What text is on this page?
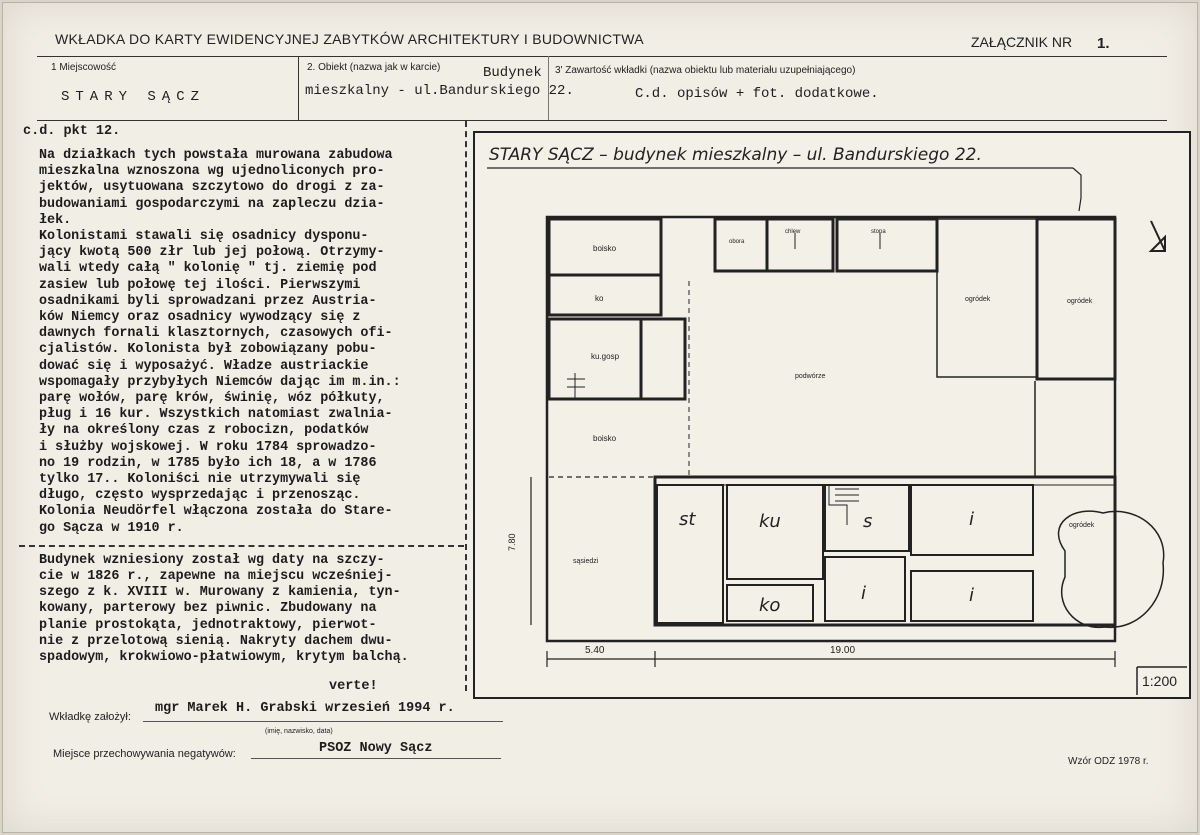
WKŁADKA DO KARTY EWIDENCYJNEJ ZABYTKÓW ARCHITEKTURY I BUDOWNICTWA	ZAŁĄCZNIK NR 1.
1 Miejscowość
STARY SĄCZ
2. Obiekt (nazwa jak w karcie)	Budynek
mieszkalny - ul.Bandurskiego 22.
3' Zawartość wkładki (nazwa obiektu lub materiału uzupełniającego)
C.d. opisów + fot. dodatkowe.
c.d. pkt 12.
Na działkach tych powstała murowana zabudowa
mieszkalna wznoszona wg ujednoliconych pro-
jektów, usytuowana szczytowo do drogi z za-
budowaniami gospodarczymi na zapleczu dzia-
łek.
Kolonistami stawali się osadnicy dysponu-
jący kwotą 500 złr lub jej połową. Otrzymy-
wali wtedy całą " kolonię " tj. ziemię pod
zasiew lub połowę tej ilości. Pierwszymi
osadnikami byli sprowadzani przez Austria-
ków Niemcy oraz osadnicy wywodzący się z
dawnych fornali klasztornych, czasowych ofi-
cjalistów. Kolonista był zobowiązany pobu-
dować się i wyposażyć. Władze austriackie
wspomagały przybyłych Niemców dając im m.in.:
parę wołów, parę krów, świnię, wóz półkuty,
pług i 16 kur. Wszystkich natomiast zwalnia-
ły na określony czas z robocizn, podatków
i służby wojskowej. W roku 1784 sprowadzo-
no 19 rodzin, w 1785 było ich 18, a w 1786
tylko 17.. Koloniści nie utrzymywali się
długo, często wysprzedając i przenosząc.
Kolonia Neudörfel włączona została do Stare-
go Sącza w 1910 r.
Budynek wzniesiony został wg daty na szczy-
cie w 1826 r., zapewne na miejscu wcześniej-
szego z k. XVIII w. Murowany z kamienia, tyn-
kowany, parterowy bez piwnic. Zbudowany na
planie prostokąta, jednotraktowy, pierwot-
nie z przelotową sienią. Nakryty dachem dwu-
spadowym, krokwiowo-płatwiowym, krytym balchą.
verte!
STARY SĄCZ – budynek mieszkalny – ul. Bandurskiego 22.
1:200
5.40	19.00
7.80
boisko
boisko
ko
ku.gosp
obora
chlew	stopa
ogródek	ogródek
ogródek
podwórze
sąsiedzi
st	ku	s
i
i
i
ko
Wkładkę założył:
mgr Marek H. Grabski wrzesień 1994 r.
(imię, nazwisko, data)
Miejsce przechowywania negatywów:	PSOZ Nowy Sącz
Wzór ODZ 1978 r.
